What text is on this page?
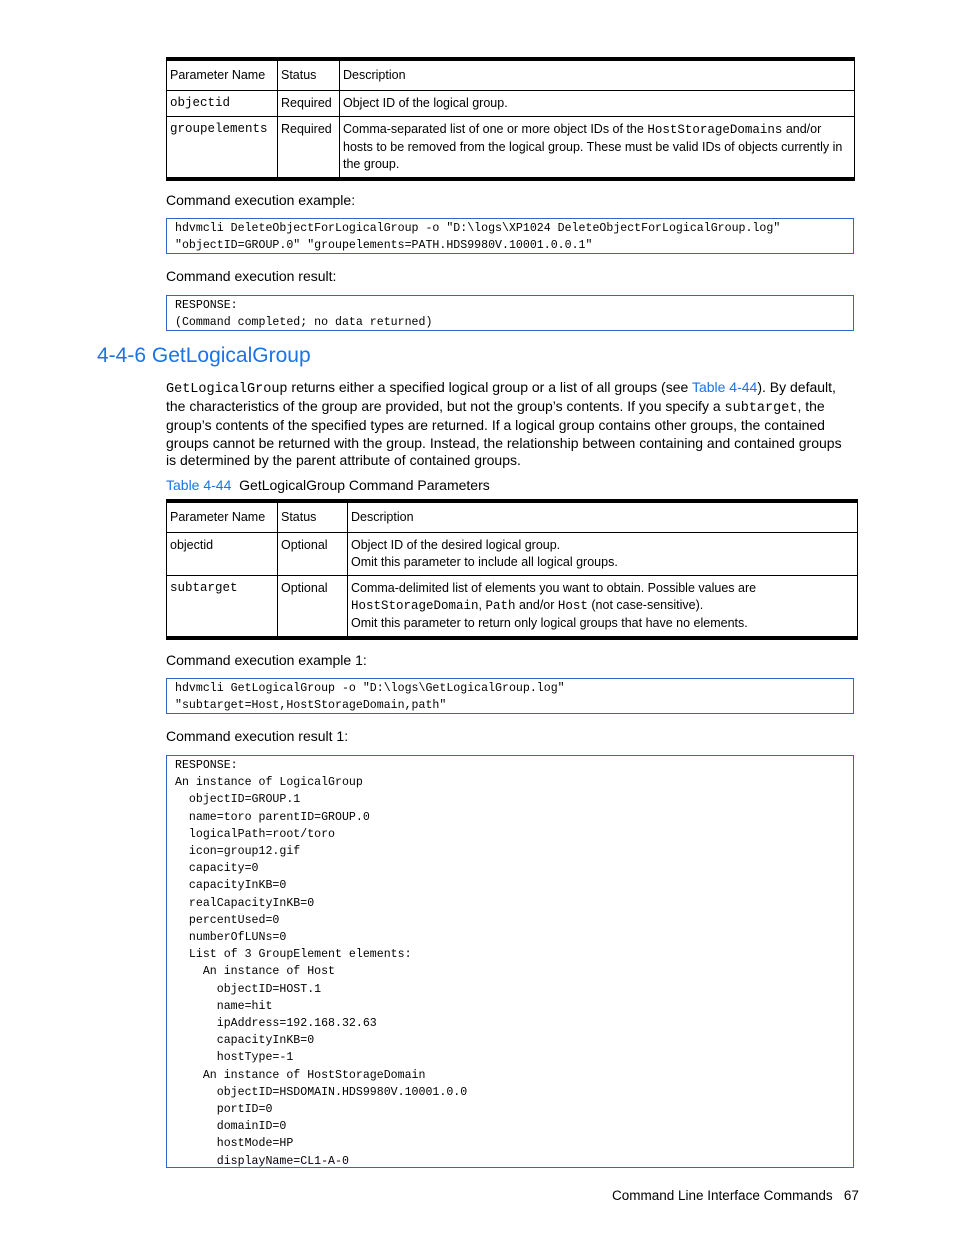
Parameter Name	Status	Description
objectid	Required	Object ID of the logical group.
groupelements	Required	Comma-separated list of one or more object IDs of the HostStorageDomains and/or hosts to be removed from the logical group. These must be valid IDs of objects currently in the group.
Command execution example:
hdvmcli DeleteObjectForLogicalGroup -o "D:\logs\XP1024 DeleteObjectForLogicalGroup.log"
"objectID=GROUP.0" "groupelements=PATH.HDS9980V.10001.0.0.1"
Command execution result:
RESPONSE:
(Command completed; no data returned)
4-4-6 GetLogicalGroup
GetLogicalGroup returns either a specified logical group or a list of all groups (see Table 4-44). By default, the characteristics of the group are provided, but not the group’s contents. If you specify a subtarget, the group’s contents of the specified types are returned. If a logical group contains other groups, the contained groups cannot be returned with the group. Instead, the relationship between containing and contained groups is determined by the parent attribute of contained groups.
Table 4-44 GetLogicalGroup Command Parameters
Parameter Name	Status	Description
objectid	Optional	Object ID of the desired logical group.
Omit this parameter to include all logical groups.

subtarget	Optional	Comma-delimited list of elements you want to obtain. Possible values are
HostStorageDomain, Path and/or Host (not case-sensitive).
Omit this parameter to return only logical groups that have no elements.
Command execution example 1:
hdvmcli GetLogicalGroup -o "D:\logs\GetLogicalGroup.log"
"subtarget=Host,HostStorageDomain,path"
Command execution result 1:
RESPONSE:
An instance of LogicalGroup
objectID=GROUP.1
name=toro parentID=GROUP.0
logicalPath=root/toro
icon=group12.gif
capacity=0
capacityInKB=0
realCapacityInKB=0
percentUsed=0
numberOfLUNs=0
List of 3 GroupElement elements:
An instance of Host
objectID=HOST.1
name=hit
ipAddress=192.168.32.63
capacityInKB=0
hostType=-1
An instance of HostStorageDomain
objectID=HSDOMAIN.HDS9980V.10001.0.0
portID=0
domainID=0
hostMode=HP
displayName=CL1-A-0
Command Line Interface Commands 67
